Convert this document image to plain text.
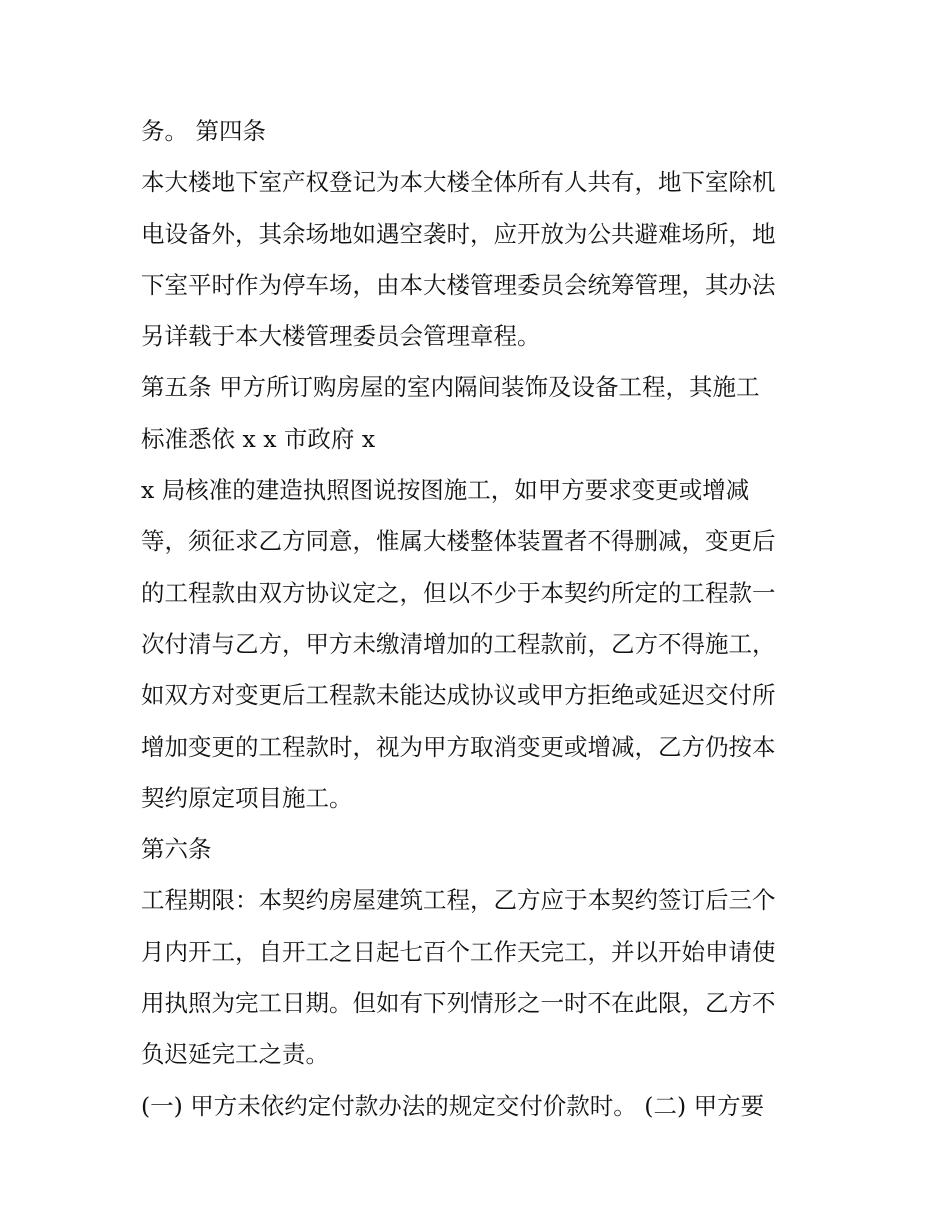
务。 第四条

本大楼地下室产权登记为本大楼全体所有人共有，地下室除机

电设备外，其余场地如遇空袭时，应开放为公共避难场所，地

下室平时作为停车场，由本大楼管理委员会统筹管理，其办法

另详载于本大楼管理委员会管理章程。

第五条 甲方所订购房屋的室内隔间装饰及设备工程，其施工

标准悉依 x x 市政府 x

x 局核准的建造执照图说按图施工，如甲方要求变更或增减

等，须征求乙方同意，惟属大楼整体装置者不得删减，变更后

的工程款由双方协议定之，但以不少于本契约所定的工程款一

次付清与乙方，甲方未缴清增加的工程款前，乙方不得施工，

如双方对变更后工程款未能达成协议或甲方拒绝或延迟交付所

增加变更的工程款时，视为甲方取消变更或增减，乙方仍按本

契约原定项目施工。

第六条

工程期限：本契约房屋建筑工程，乙方应于本契约签订后三个

月内开工，自开工之日起七百个工作天完工，并以开始申请使

用执照为完工日期。但如有下列情形之一时不在此限，乙方不

负迟延完工之责。

(一) 甲方未依约定付款办法的规定交付价款时。 (二) 甲方要
